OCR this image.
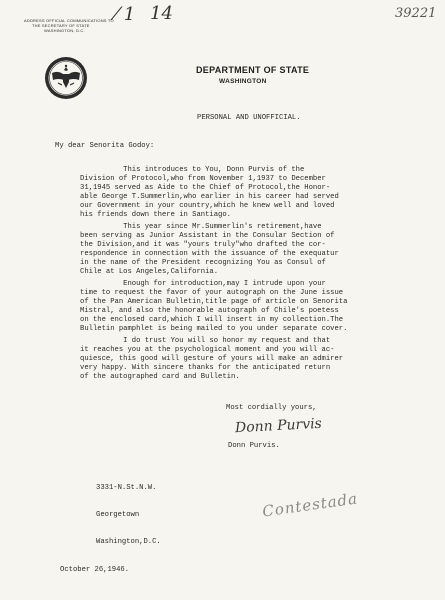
⁄ 1 14	39221
ADDRESS OFFICIAL COMMUNICATIONS TO
THE SECRETARY OF STATE
WASHINGTON, D.C.
DEPARTMENT OF STATE
WASHINGTON
PERSONAL AND UNOFFICIAL.
My dear Senorita Godoy:
This introduces to You, Donn Purvis of the
Division of Protocol,who from November 1,1937 to December
31,1945 served as Aide to the Chief of Protocol,the Honor-
able George T.Summerlin,who earlier in his career had served
our Government in your country,which he knew well and loved
his friends down there in Santiago.
This year since Mr.Summerlin's retirement,have
been serving as Junior Assistant in the Consular Section of
the Division,and it was "yours truly"who drafted the cor-
respondence in connection with the issuance of the exequatur
in the name of the President recognizing You as Consul of
Chile at Los Angeles,California.
Enough for introduction,may I intrude upon your
time to request the favor of your autograph on the June issue
of the Pan American Bulletin,title page of article on Senorita
Mistral, and also the honorable autograph of Chile's poetess
on the enclosed card,which I will insert in my collection.The
Bulletin pamphlet is being mailed to you under separate cover.
I do trust You will so honor my request and that
it reaches you at the psychological moment and you will ac-
quiesce, this good will gesture of yours will make an admirer
very happy. With sincere thanks for the anticipated return
of the autographed card and Bulletin.
Most cordially yours,
Donn Purvis
Donn Purvis.

3331-N.St.N.W.

Georgetown

Washington,D.C.

Contestada
October 26,1946.
